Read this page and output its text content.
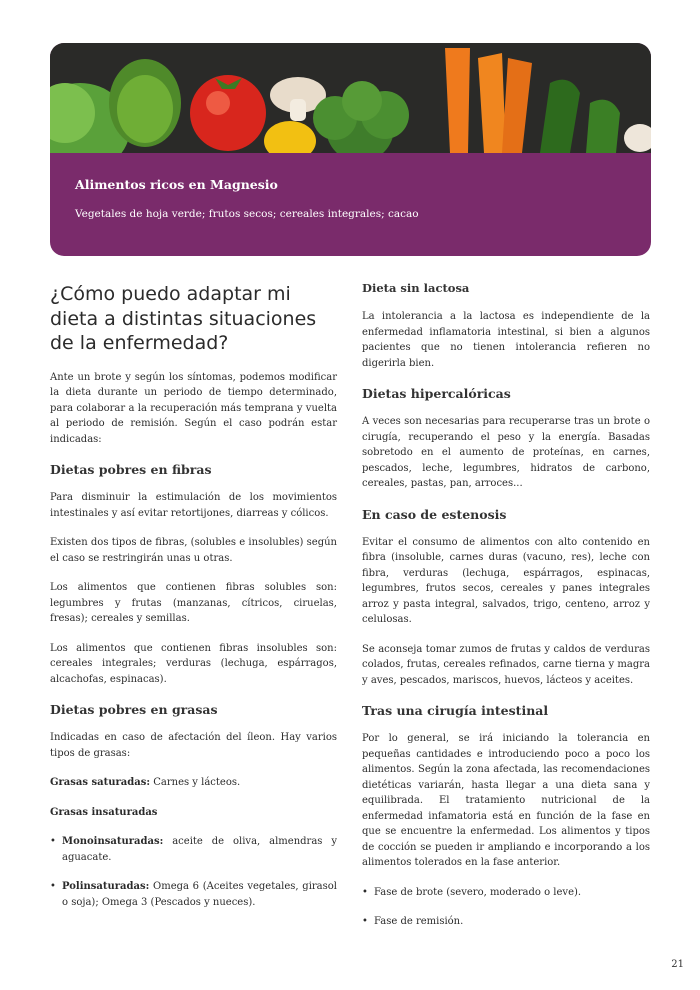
Alimentos ricos en Magnesio

Vegetales de hoja verde; frutos secos; cereales integrales; cacao

¿Cómo puedo adaptar mi dieta a distintas situaciones de la enfermedad?

Ante un brote y según los síntomas, podemos modificar la dieta durante un periodo de tiempo determinado, para colaborar a la recuperación más temprana y vuelta al periodo de remisión. Según el caso podrán estar indicadas:

Dietas pobres en fibras

Para disminuir la estimulación de los movimientos intestinales y así evitar retortijones, diarreas y cólicos.

Existen dos tipos de fibras, (solubles e insolubles) según el caso se restringirán unas u otras.

Los alimentos que contienen fibras solubles son: legumbres y frutas (manzanas, cítricos, ciruelas, fresas); cereales y semillas.

Los alimentos que contienen fibras insolubles son: cereales integrales; verduras (lechuga, espárragos, alcachofas, espinacas).

Dietas pobres en grasas

Indicadas en caso de afectación del íleon. Hay varios tipos de grasas:

Grasas saturadas: Carnes y lácteos.

Grasas insaturadas

• Monoinsaturadas: aceite de oliva, almendras y aguacate.
• Polinsaturadas: Omega 6 (Aceites vegetales, girasol o soja); Omega 3 (Pescados y nueces).
Dieta sin lactosa

La intolerancia a la lactosa es independiente de la enfermedad inflamatoria intestinal, si bien a algunos pacientes que no tienen intolerancia refieren no digerirla bien.

Dietas hipercalóricas

A veces son necesarias para recuperarse tras un brote o cirugía, recuperando el peso y la energía. Basadas sobretodo en el aumento de proteínas, en carnes, pescados, leche, legumbres, hidratos de carbono, cereales, pastas, pan, arroces...

En caso de estenosis

Evitar el consumo de alimentos con alto contenido en fibra (insoluble, carnes duras (vacuno, res), leche con fibra, verduras (lechuga, espárragos, espinacas, legumbres, frutos secos, cereales y panes integrales arroz y pasta integral, salvados, trigo, centeno, arroz y celulosas.

Se aconseja tomar zumos de frutas y caldos de verduras colados, frutas, cereales refinados, carne tierna y magra y aves, pescados, mariscos, huevos, lácteos y aceites.

Tras una cirugía intestinal

Por lo general, se irá iniciando la tolerancia en pequeñas cantidades e introduciendo poco a poco los alimentos. Según la zona afectada, las recomendaciones dietéticas variarán, hasta llegar a una dieta sana y equilibrada. El tratamiento nutricional de la enfermedad infamatoria está en función de la fase en que se encuentre la enfermedad. Los alimentos y tipos de cocción se pueden ir ampliando e incorporando a los alimentos tolerados en la fase anterior.

• Fase de brote (severo, moderado o leve).
• Fase de remisión.
21
